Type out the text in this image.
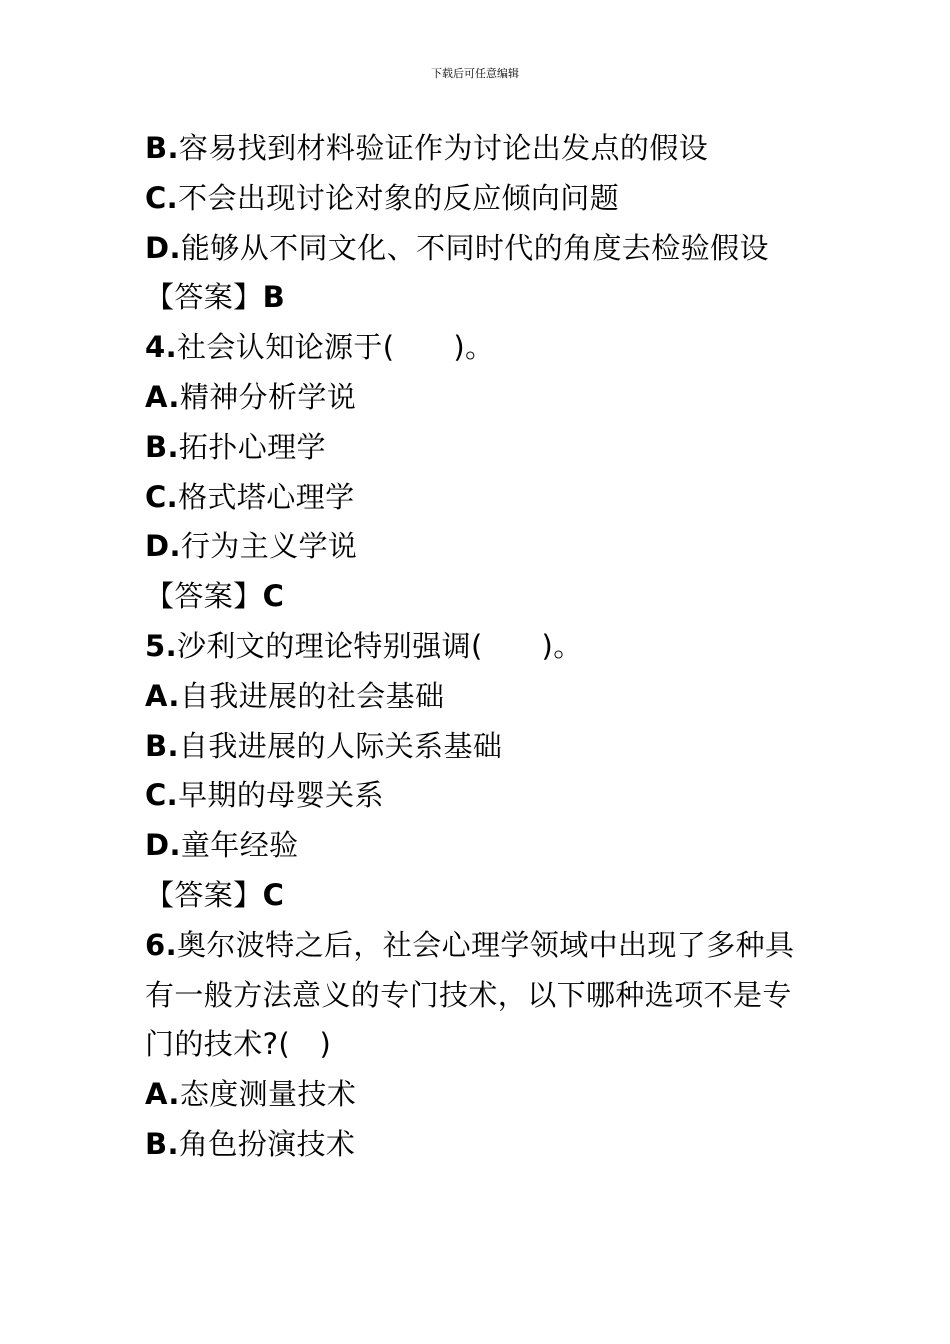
下载后可任意编辑

B.容易找到材料验证作为讨论出发点的假设

C.不会出现讨论对象的反应倾向问题

D.能够从不同文化、不同时代的角度去检验假设

【答案】B

4.社会认知论源于(　　)。

A.精神分析学说

B.拓扑心理学

C.格式塔心理学

D.行为主义学说

【答案】C

5.沙利文的理论特别强调(　　)。

A.自我进展的社会基础

B.自我进展的人际关系基础

C.早期的母婴关系

D.童年经验

【答案】C

6.奥尔波特之后，社会心理学领域中出现了多种具有一般方法意义的专门技术，以下哪种选项不是专门的技术?(　)

A.态度测量技术

B.角色扮演技术
